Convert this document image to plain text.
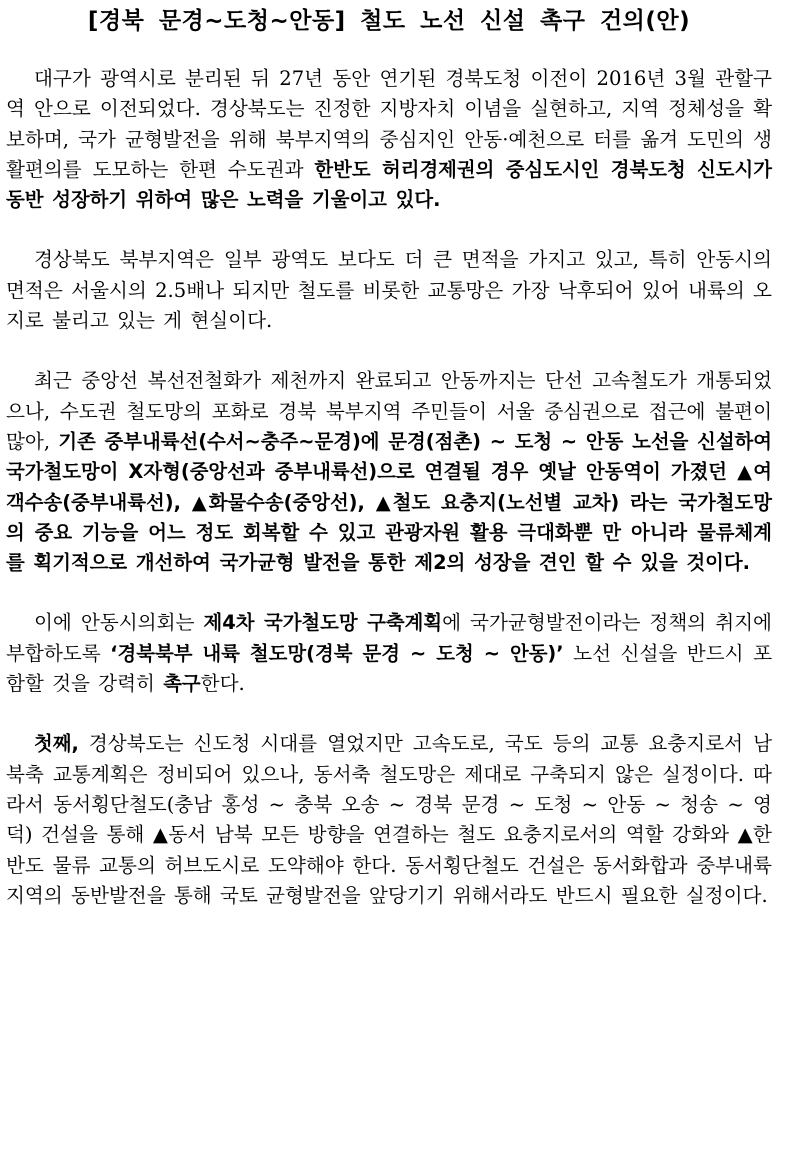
[경북 문경~도청~안동] 철도 노선 신설 촉구 건의(안)

대구가 광역시로 분리된 뒤 27년 동안 연기된 경북도청 이전이 2016년 3월 관할구역 안으로 이전되었다. 경상북도는 진정한 지방자치 이념을 실현하고, 지역 정체성을 확보하며, 국가 균형발전을 위해 북부지역의 중심지인 안동·예천으로 터를 옮겨 도민의 생활편의를 도모하는 한편 수도권과 한반도 허리경제권의 중심도시인 경북도청 신도시가 동반 성장하기 위하여 많은 노력을 기울이고 있다.

경상북도 북부지역은 일부 광역도 보다도 더 큰 면적을 가지고 있고, 특히 안동시의 면적은 서울시의 2.5배나 되지만 철도를 비롯한 교통망은 가장 낙후되어 있어 내륙의 오지로 불리고 있는 게 현실이다.

최근 중앙선 복선전철화가 제천까지 완료되고 안동까지는 단선 고속철도가 개통되었으나, 수도권 철도망의 포화로 경북 북부지역 주민들이 서울 중심권으로 접근에 불편이 많아, 기존 중부내륙선(수서~충주~문경)에 문경(점촌) ~ 도청 ~ 안동 노선을 신설하여 국가철도망이 X자형(중앙선과 중부내륙선)으로 연결될 경우 옛날 안동역이 가졌던 ▲여객수송(중부내륙선), ▲화물수송(중앙선), ▲철도 요충지(노선별 교차) 라는 국가철도망의 중요 기능을 어느 정도 회복할 수 있고 관광자원 활용 극대화뿐 만 아니라 물류체계를 획기적으로 개선하여 국가균형 발전을 통한 제2의 성장을 견인 할 수 있을 것이다.

이에 안동시의회는 제4차 국가철도망 구축계획에 국가균형발전이라는 정책의 취지에 부합하도록 ‘경북북부 내륙 철도망(경북 문경 ~ 도청 ~ 안동)’ 노선 신설을 반드시 포함할 것을 강력히 촉구한다.

첫째, 경상북도는 신도청 시대를 열었지만 고속도로, 국도 등의 교통 요충지로서 남북축 교통계획은 정비되어 있으나, 동서축 철도망은 제대로 구축되지 않은 실정이다. 따라서 동서횡단철도(충남 홍성 ~ 충북 오송 ~ 경북 문경 ~ 도청 ~ 안동 ~ 청송 ~ 영덕) 건설을 통해 ▲동서 남북 모든 방향을 연결하는 철도 요충지로서의 역할 강화와 ▲한반도 물류 교통의 허브도시로 도약해야 한다. 동서횡단철도 건설은 동서화합과 중부내륙 지역의 동반발전을 통해 국토 균형발전을 앞당기기 위해서라도 반드시 필요한 실정이다.
